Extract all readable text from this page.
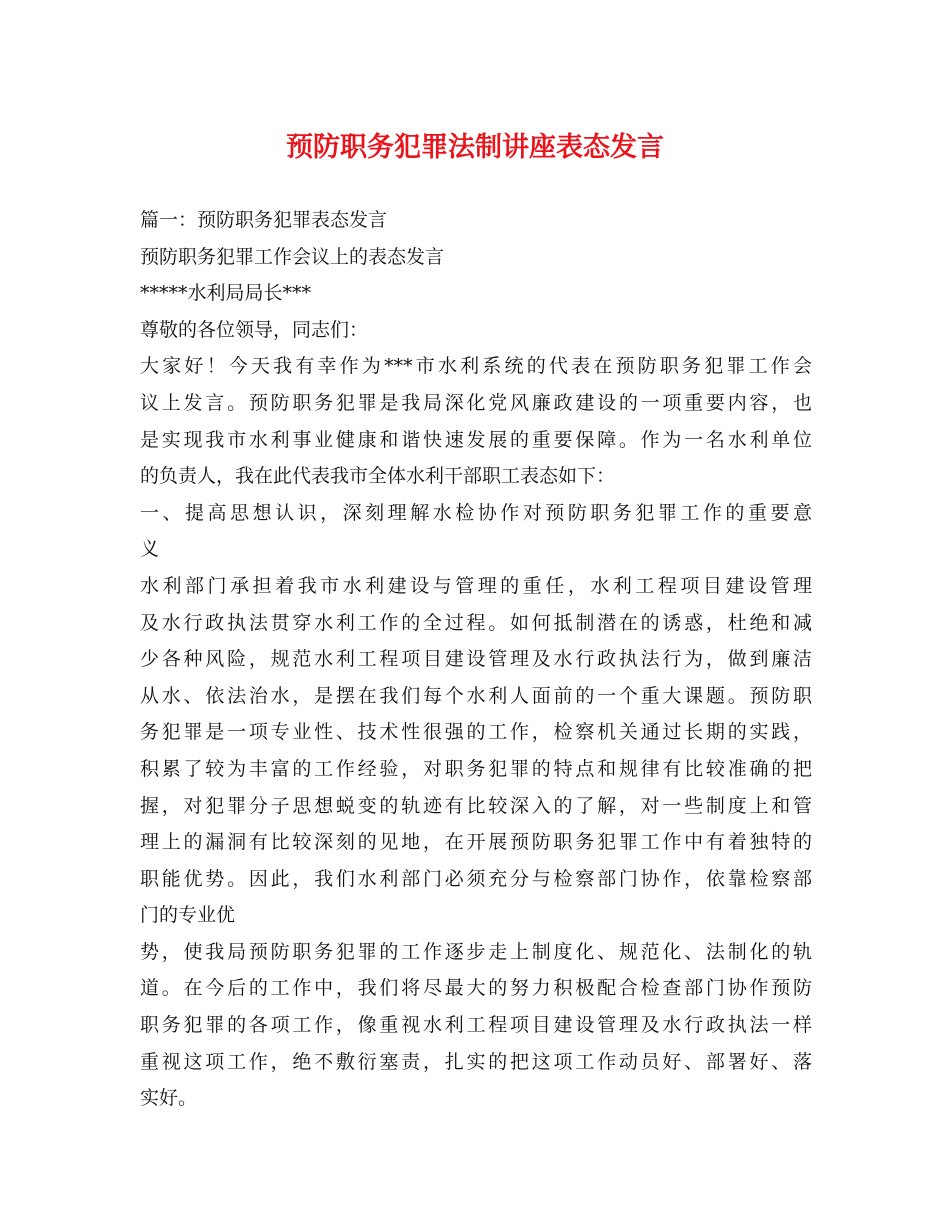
预防职务犯罪法制讲座表态发言
篇一：预防职务犯罪表态发言
预防职务犯罪工作会议上的表态发言
*****水利局局长***
尊敬的各位领导，同志们：
大家好！今天我有幸作为***市水利系统的代表在预防职务犯罪工作会
议上发言。预防职务犯罪是我局深化党风廉政建设的一项重要内容，也
是实现我市水利事业健康和谐快速发展的重要保障。作为一名水利单位
的负责人，我在此代表我市全体水利干部职工表态如下：
一、提高思想认识，深刻理解水检协作对预防职务犯罪工作的重要意
义
水利部门承担着我市水利建设与管理的重任，水利工程项目建设管理
及水行政执法贯穿水利工作的全过程。如何抵制潜在的诱惑，杜绝和减
少各种风险，规范水利工程项目建设管理及水行政执法行为，做到廉洁
从水、依法治水，是摆在我们每个水利人面前的一个重大课题。预防职
务犯罪是一项专业性、技术性很强的工作，检察机关通过长期的实践，
积累了较为丰富的工作经验，对职务犯罪的特点和规律有比较准确的把
握，对犯罪分子思想蜕变的轨迹有比较深入的了解，对一些制度上和管
理上的漏洞有比较深刻的见地，在开展预防职务犯罪工作中有着独特的
职能优势。因此，我们水利部门必须充分与检察部门协作，依靠检察部
门的专业优
势，使我局预防职务犯罪的工作逐步走上制度化、规范化、法制化的轨
道。在今后的工作中，我们将尽最大的努力积极配合检查部门协作预防
职务犯罪的各项工作，像重视水利工程项目建设管理及水行政执法一样
重视这项工作，绝不敷衍塞责，扎实的把这项工作动员好、部署好、落
实好。
